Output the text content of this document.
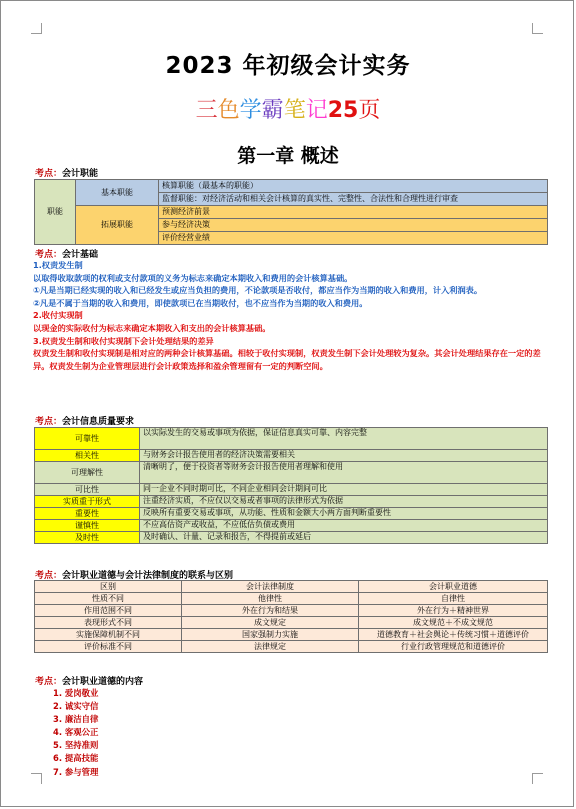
2023 年初级会计实务
三色学霸笔记25页
第一章 概述
考点：会计职能
职能	基本职能	核算职能（最基本的职能）
		监督职能：对经济活动和相关会计核算的真实性、完整性、合法性和合理性进行审查
	拓展职能	预测经济前景
		参与经济决策
		评价经营业绩
考点：会计基础
1.权责发生制
以取得收取款项的权利或支付款项的义务为标志来确定本期收入和费用的会计核算基础。
①凡是当期已经实现的收入和已经发生或应当负担的费用，不论款项是否收付，都应当作为当期的收入和费用，计入利润表。
②凡是不属于当期的收入和费用，即使款项已在当期收付，也不应当作为当期的收入和费用。
2.收付实现制
以现金的实际收付为标志来确定本期收入和支出的会计核算基础。
3.权责发生制和收付实现制下会计处理结果的差异
权责发生制和收付实现制是相对应的两种会计核算基础。相较于收付实现制，权责发生制下会计处理较为复杂。其会计处理结果存在一定的差异。权责发生制为企业管理层进行会计政策选择和盈余管理留有一定的判断空间。
考点：会计信息质量要求
可靠性	以实际发生的交易或事项为依据，保证信息真实可靠、内容完整
相关性	与财务会计报告使用者的经济决策需要相关
可理解性	清晰明了，便于投资者等财务会计报告使用者理解和使用
可比性	同一企业不同时期可比，不同企业相同会计期间可比
实质重于形式	注重经济实质，不应仅以交易或者事项的法律形式为依据
重要性	反映所有重要交易或事项，从功能、性质和金额大小两方面判断重要性
谨慎性	不应高估资产或收益，不应低估负债或费用
及时性	及时确认、计量、记录和报告，不得提前或延后
考点：会计职业道德与会计法律制度的联系与区别
区别	会计法律制度	会计职业道德
性质不同	他律性	自律性
作用范围不同	外在行为和结果	外在行为＋精神世界
表现形式不同	成文规定	成文规范＋不成文规范
实施保障机制不同	国家强制力实施	道德教育＋社会舆论＋传统习惯＋道德评价
评价标准不同	法律规定	行业行政管理规范和道德评价
考点：会计职业道德的内容
1. 爱岗敬业
2. 诚实守信
3. 廉洁自律
4. 客观公正
5. 坚持准则
6. 提高技能
7. 参与管理
